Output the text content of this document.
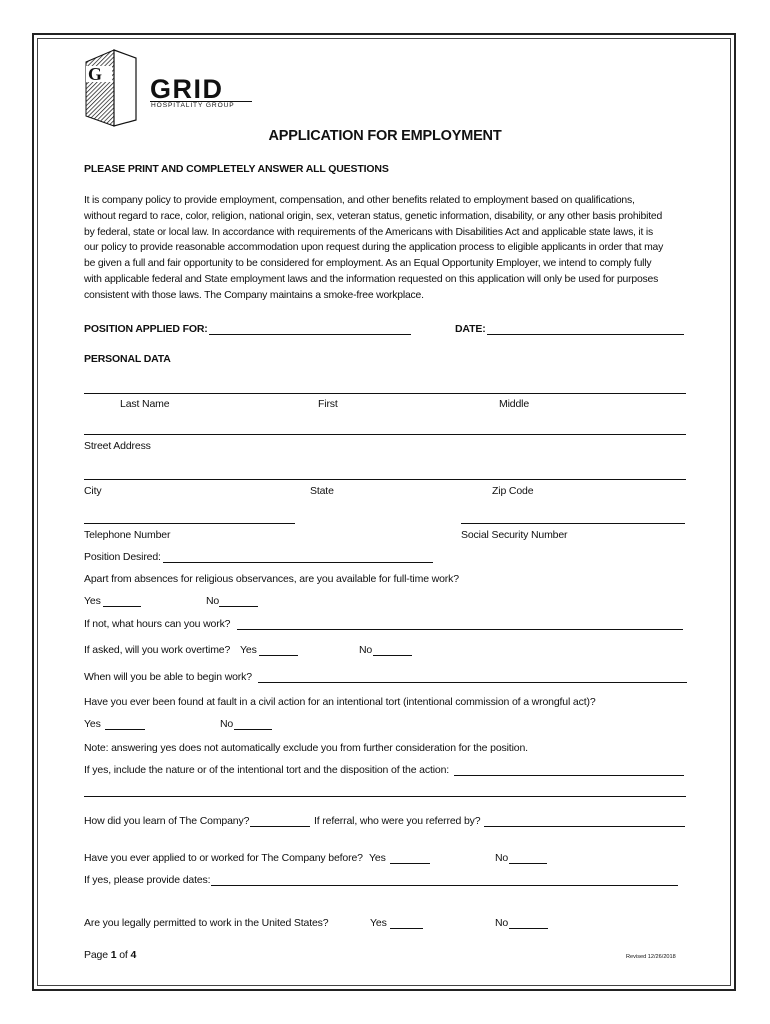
G GRID
HOSPITALITY GROUP
APPLICATION FOR EMPLOYMENT
PLEASE PRINT AND COMPLETELY ANSWER ALL QUESTIONS

It is company policy to provide employment, compensation, and other benefits related to employment based on qualifications,

without regard to race, color, religion, national origin, sex, veteran status, genetic information, disability, or any other basis prohibited

by federal, state or local law. In accordance with requirements of the Americans with Disabilities Act and applicable state laws, it is

our policy to provide reasonable accommodation upon request during the application process to eligible applicants in order that may

be given a full and fair opportunity to be considered for employment. As an Equal Opportunity Employer, we intend to comply fully

with applicable federal and State employment laws and the information requested on this application will only be used for purposes

consistent with those laws. The Company maintains a smoke-free workplace.

POSITION APPLIED FOR:	DATE:
PERSONAL DATA
Last Name	First	Middle
Street Address
City	State	Zip Code
Telephone Number	Social Security Number
Position Desired:
Apart from absences for religious observances, are you available for full-time work?
Yes	No
If not, what hours can you work?
If asked, will you work overtime? Yes	No
When will you be able to begin work?
Have you ever been found at fault in a civil action for an intentional tort (intentional commission of a wrongful act)?
Yes	No
Note: answering yes does not automatically exclude you from further consideration for the position.
If yes, include the nature or of the intentional tort and the disposition of the action:
How did you learn of The Company?	If referral, who were you referred by?
Have you ever applied to or worked for The Company before? Yes	No
If yes, please provide dates:
Are you legally permitted to work in the United States?	Yes	No
Page 1 of 4	Revised 12/26/2018
